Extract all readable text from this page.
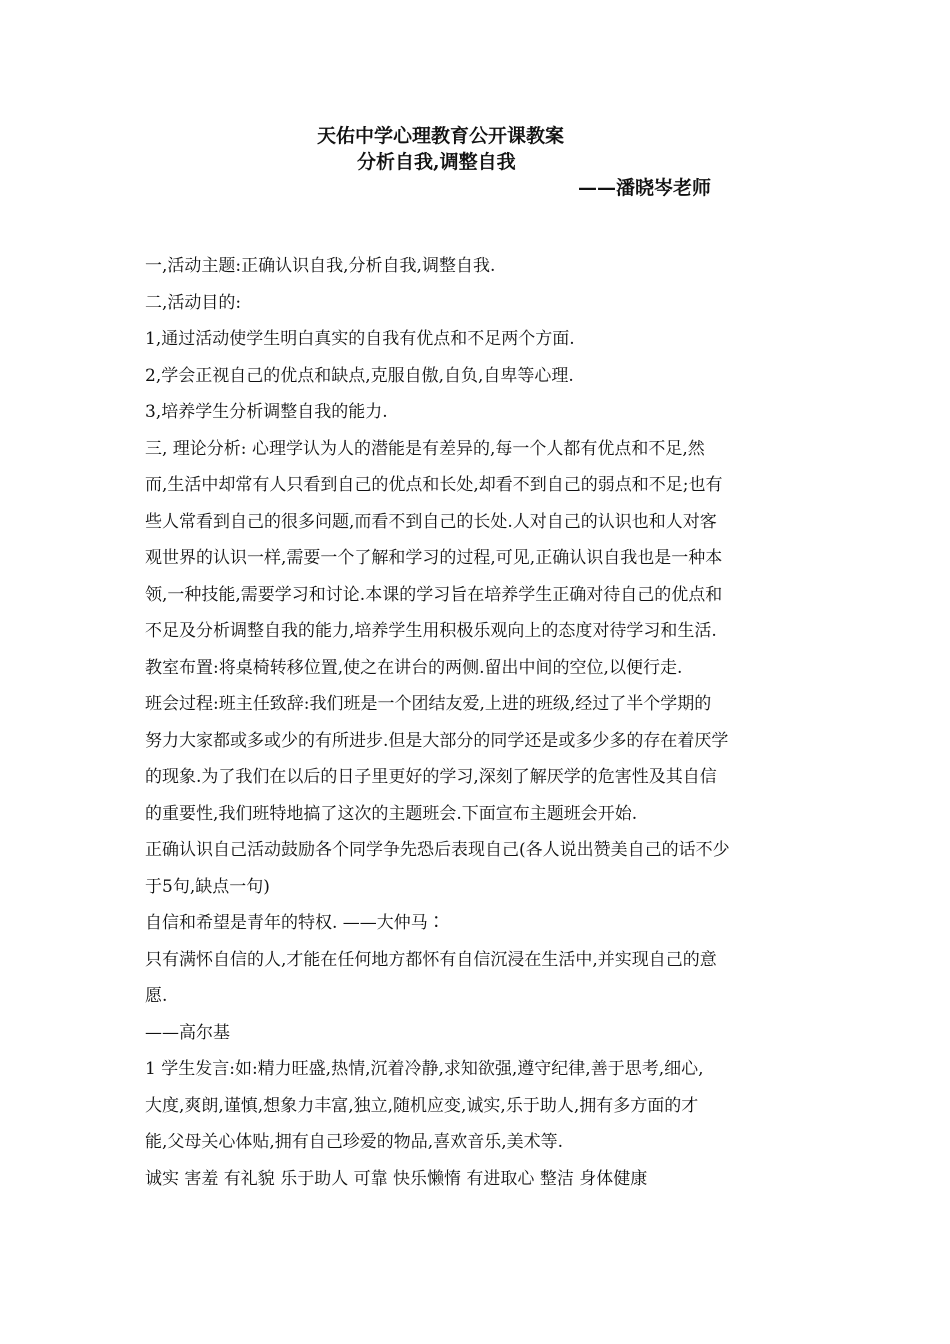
天佑中学心理教育公开课教案
分析自我,调整自我
——潘晓岑老师

一,活动主题:正确认识自我,分析自我,调整自我.

二,活动目的:

1,通过活动使学生明白真实的自我有优点和不足两个方面.

2,学会正视自己的优点和缺点,克服自傲,自负,自卑等心理.

3,培养学生分析调整自我的能力.

三, 理论分析: 心理学认为人的潜能是有差异的,每一个人都有优点和不足,然

而,生活中却常有人只看到自己的优点和长处,却看不到自己的弱点和不足;也有

些人常看到自己的很多问题,而看不到自己的长处.人对自己的认识也和人对客

观世界的认识一样,需要一个了解和学习的过程,可见,正确认识自我也是一种本

领,一种技能,需要学习和讨论.本课的学习旨在培养学生正确对待自己的优点和

不足及分析调整自我的能力,培养学生用积极乐观向上的态度对待学习和生活.

教室布置:将桌椅转移位置,使之在讲台的两侧.留出中间的空位,以便行走.

班会过程:班主任致辞:我们班是一个团结友爱,上进的班级,经过了半个学期的

努力大家都或多或少的有所进步.但是大部分的同学还是或多少多的存在着厌学

的现象.为了我们在以后的日子里更好的学习,深刻了解厌学的危害性及其自信

的重要性,我们班特地搞了这次的主题班会.下面宣布主题班会开始.

正确认识自己活动鼓励各个同学争先恐后表现自己(各人说出赞美自己的话不少

于5句,缺点一句)

自信和希望是青年的特权. ——大仲马∶

只有满怀自信的人,才能在任何地方都怀有自信沉浸在生活中,并实现自己的意

愿.

——高尔基

1 学生发言:如:精力旺盛,热情,沉着冷静,求知欲强,遵守纪律,善于思考,细心,

大度,爽朗,谨慎,想象力丰富,独立,随机应变,诚实,乐于助人,拥有多方面的才

能,父母关心体贴,拥有自己珍爱的物品,喜欢音乐,美术等.

诚实 害羞 有礼貌 乐于助人 可靠 快乐懒惰 有进取心 整洁 身体健康
